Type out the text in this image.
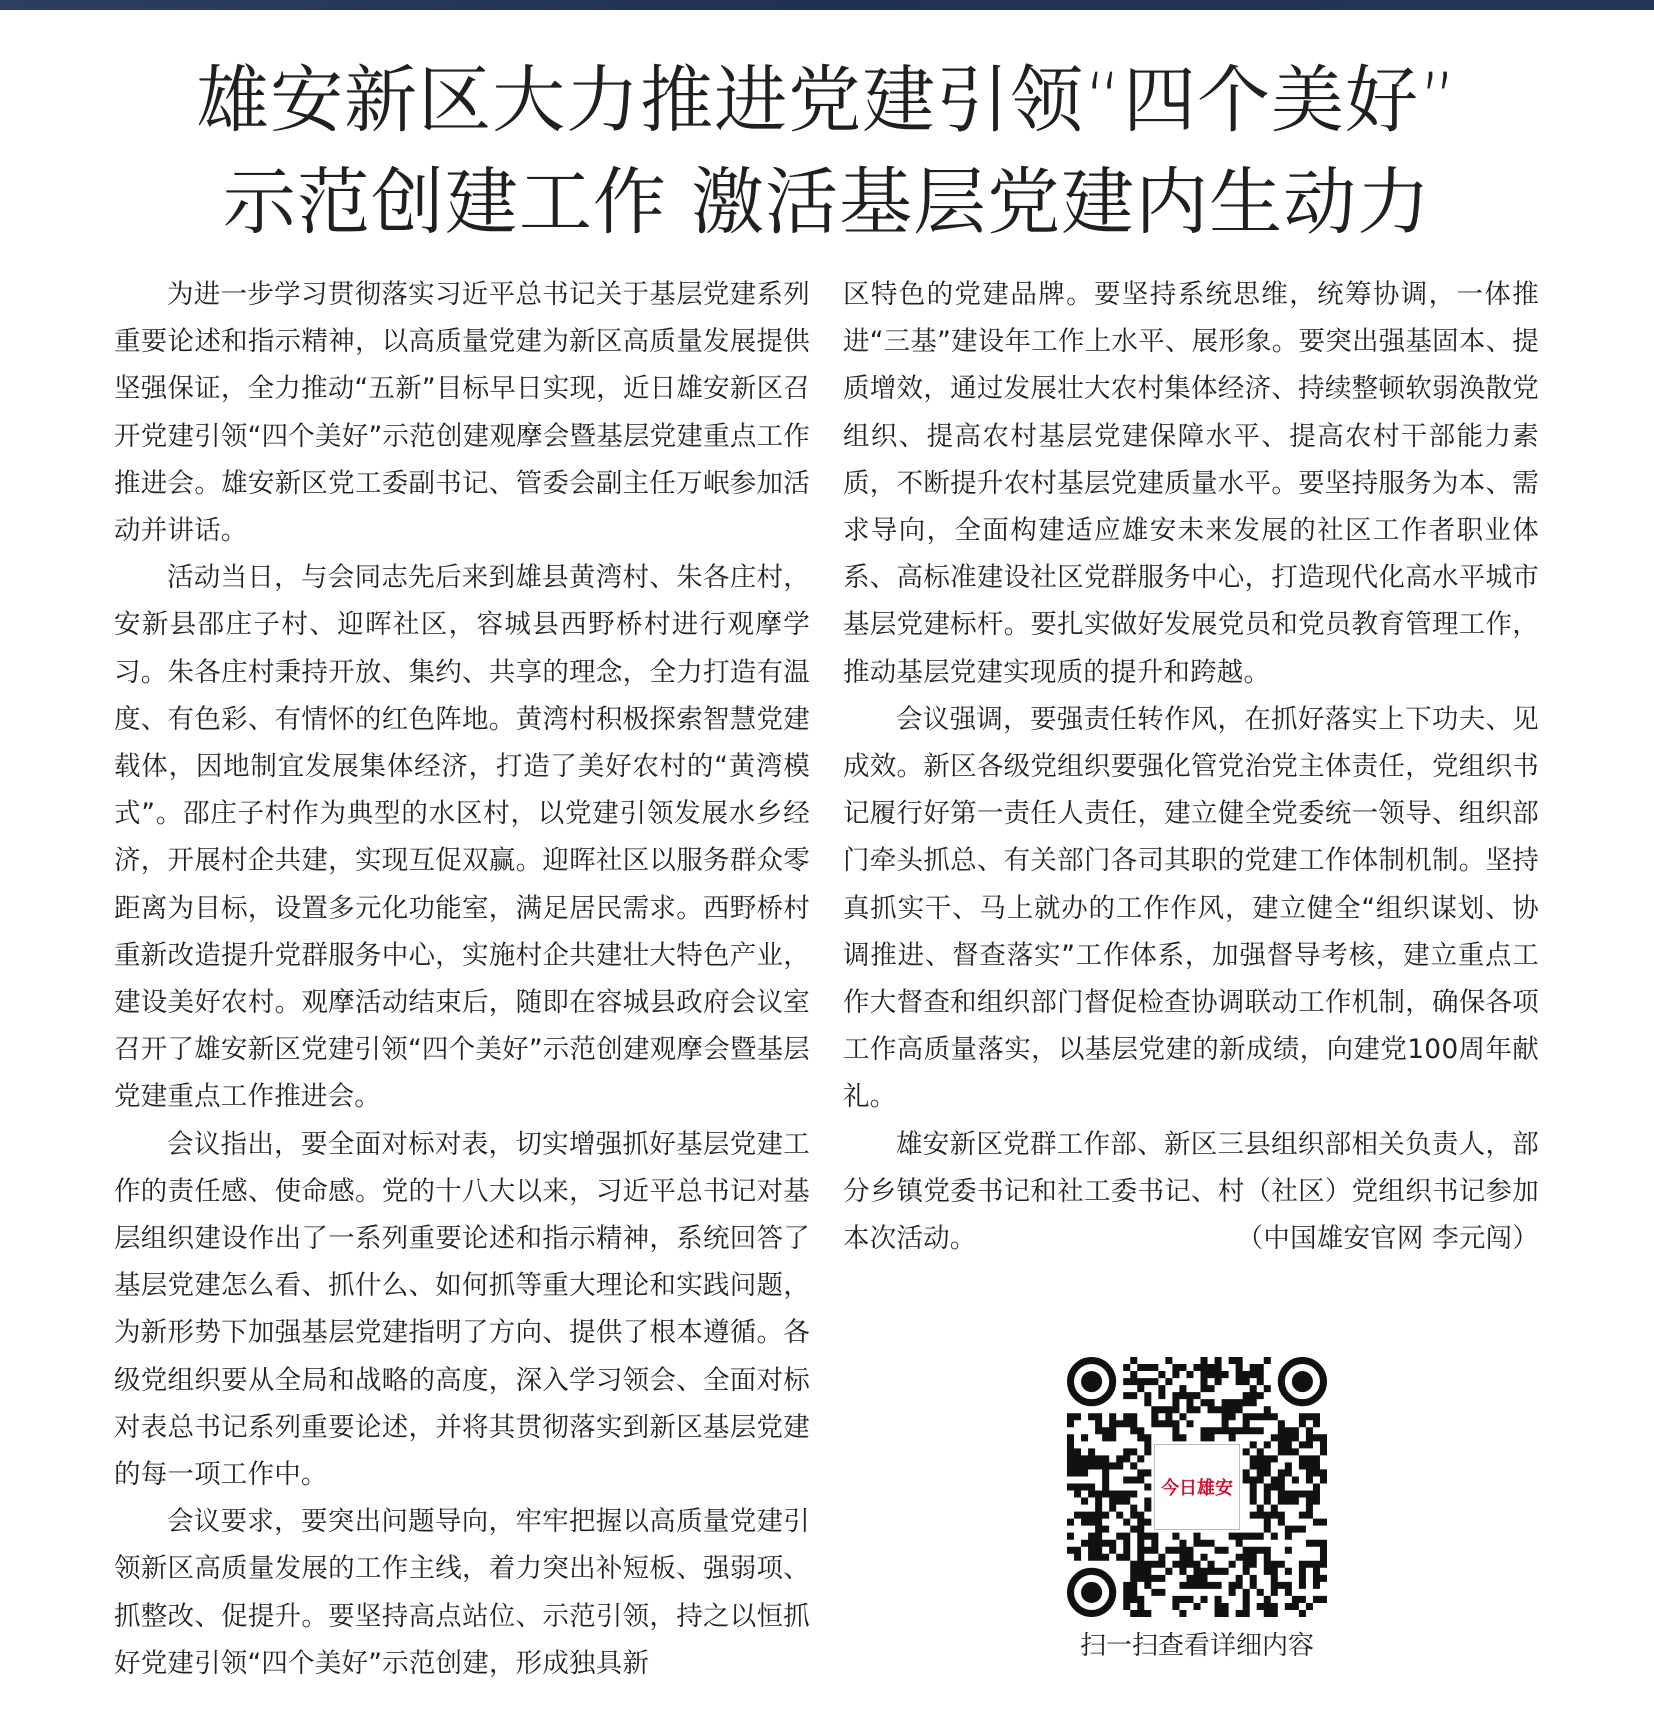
雄安新区大力推进党建引领“四个美好”
示范创建工作 激活基层党建内生动力

为进一步学习贯彻落实习近平总书记关于基层党建系列重要论述和指示精神，以高质量党建为新区高质量发展提供坚强保证，全力推动“五新”目标早日实现，近日雄安新区召开党建引领“四个美好”示范创建观摩会暨基层党建重点工作推进会。雄安新区党工委副书记、管委会副主任万岷参加活动并讲话。

活动当日，与会同志先后来到雄县黄湾村、朱各庄村，安新县邵庄子村、迎晖社区，容城县西野桥村进行观摩学习。朱各庄村秉持开放、集约、共享的理念，全力打造有温度、有色彩、有情怀的红色阵地。黄湾村积极探索智慧党建载体，因地制宜发展集体经济，打造了美好农村的“黄湾模式”。邵庄子村作为典型的水区村，以党建引领发展水乡经济，开展村企共建，实现互促双赢。迎晖社区以服务群众零距离为目标，设置多元化功能室，满足居民需求。西野桥村重新改造提升党群服务中心，实施村企共建壮大特色产业，建设美好农村。观摩活动结束后，随即在容城县政府会议室召开了雄安新区党建引领“四个美好”示范创建观摩会暨基层党建重点工作推进会。

会议指出，要全面对标对表，切实增强抓好基层党建工作的责任感、使命感。党的十八大以来，习近平总书记对基层组织建设作出了一系列重要论述和指示精神，系统回答了基层党建怎么看、抓什么、如何抓等重大理论和实践问题，为新形势下加强基层党建指明了方向、提供了根本遵循。各级党组织要从全局和战略的高度，深入学习领会、全面对标对表总书记系列重要论述，并将其贯彻落实到新区基层党建的每一项工作中。

会议要求，要突出问题导向，牢牢把握以高质量党建引领新区高质量发展的工作主线，着力突出补短板、强弱项、抓整改、促提升。要坚持高点站位、示范引领，持之以恒抓好党建引领“四个美好”示范创建，形成独具新

区特色的党建品牌。要坚持系统思维，统筹协调，一体推进“三基”建设年工作上水平、展形象。要突出强基固本、提质增效，通过发展壮大农村集体经济、持续整顿软弱涣散党组织、提高农村基层党建保障水平、提高农村干部能力素质，不断提升农村基层党建质量水平。要坚持服务为本、需求导向，全面构建适应雄安未来发展的社区工作者职业体系、高标准建设社区党群服务中心，打造现代化高水平城市基层党建标杆。要扎实做好发展党员和党员教育管理工作，推动基层党建实现质的提升和跨越。

会议强调，要强责任转作风，在抓好落实上下功夫、见成效。新区各级党组织要强化管党治党主体责任，党组织书记履行好第一责任人责任，建立健全党委统一领导、组织部门牵头抓总、有关部门各司其职的党建工作体制机制。坚持真抓实干、马上就办的工作作风，建立健全“组织谋划、协调推进、督查落实”工作体系，加强督导考核，建立重点工作大督查和组织部门督促检查协调联动工作机制，确保各项工作高质量落实，以基层党建的新成绩，向建党100周年献礼。

雄安新区党群工作部、新区三县组织部相关负责人，部分乡镇党委书记和社工委书记、村（社区）党组织书记参加本次活动。	（中国雄安官网 李元闯）

今日雄安
扫一扫查看详细内容
